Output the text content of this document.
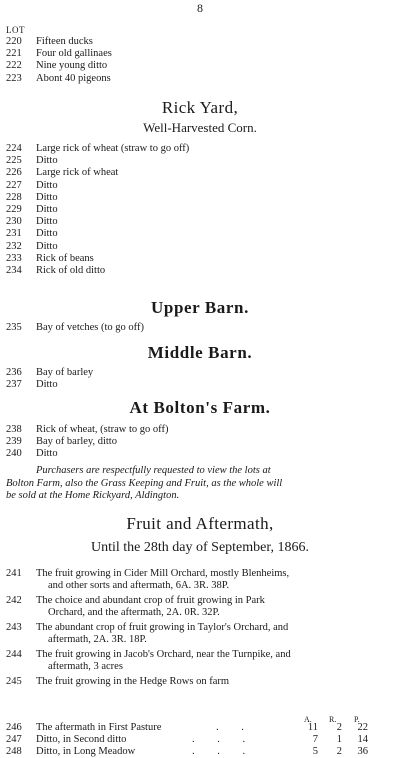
8
LOT
220 Fifteen ducks
221 Four old gallinaes
222 Nine young ditto
223 Abont 40 pigeons
Rick Yard,
Well-Harvested Corn.
224 Large rick of wheat (straw to go off)
225 Ditto
226 Large rick of wheat
227 Ditto
228 Ditto
229 Ditto
230 Ditto
231 Ditto
232 Ditto
233 Rick of beans
234 Rick of old ditto
Upper Barn.
235 Bay of vetches (to go off)
Middle Barn.
236 Bay of barley
237 Ditto
At Bolton's Farm.
238 Rick of wheat, (straw to go off)
239 Bay of barley, ditto
240 Ditto
Purchasers are respectfully requested to view the lots at
Bolton Farm, also the Grass Keeping and Fruit, as the whole will
be sold at the Home Rickyard, Aldington.
Fruit and Aftermath,
Until the 28th day of September, 1866.
241	The fruit growing in Cider Mill Orchard, mostly Blenheims,
and other sorts and aftermath, 6A. 3R. 38P.
242	The choice and abundant crop of fruit growing in Park
Orchard, and the aftermath, 2A. 0R. 32P.
243	The abundant crop of fruit growing in Taylor's Orchard, and
aftermath, 2A. 3R. 18P.
244	The fruit growing in Jacob's Orchard, near the Turnpike, and
aftermath, 3 acres
245	The fruit growing in the Hedge Rows on farm
A. R. P.
246	The aftermath in First Pasture	. .	11	2	22
247	Ditto, in Second ditto	. . .	7	1	14
248	Ditto, in Long Meadow	. . .	5	2	36
